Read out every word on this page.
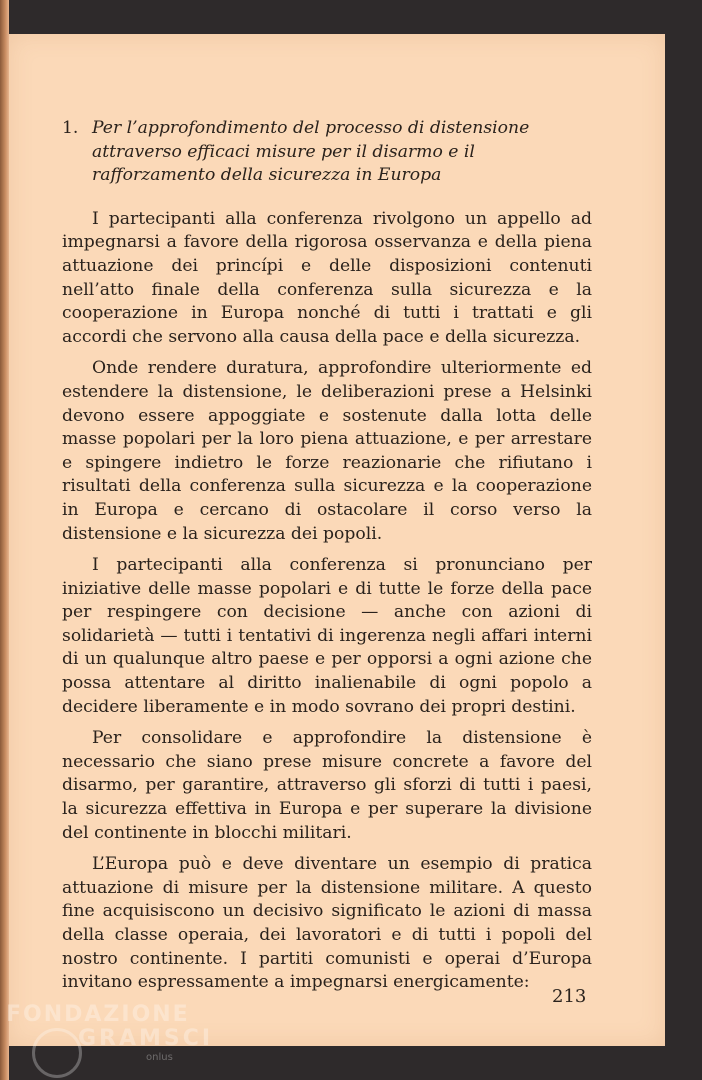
1. Per l’approfondimento del processo di distensione attraverso efficaci misure per il disarmo e il rafforzamento della sicurezza in Europa

I partecipanti alla conferenza rivolgono un appello ad impegnarsi a favore della rigorosa osservanza e della piena attuazione dei princípi e delle disposizioni contenuti nell’atto finale della conferenza sulla sicurezza e la cooperazione in Europa nonché di tutti i trattati e gli accordi che servono alla causa della pace e della sicurezza.

Onde rendere duratura, approfondire ulteriormente ed estendere la distensione, le deliberazioni prese a Helsinki devono essere appoggiate e sostenute dalla lotta delle masse popolari per la loro piena attuazione, e per arrestare e spingere indietro le forze reazionarie che rifiutano i risultati della conferenza sulla sicurezza e la cooperazione in Europa e cercano di ostacolare il corso verso la distensione e la sicurezza dei popoli.

I partecipanti alla conferenza si pronunciano per iniziative delle masse popolari e di tutte le forze della pace per respingere con decisione — anche con azioni di solidarietà — tutti i tentativi di ingerenza negli affari interni di un qualunque altro paese e per opporsi a ogni azione che possa attentare al diritto inalienabile di ogni popolo a decidere liberamente e in modo sovrano dei propri destini.

Per consolidare e approfondire la distensione è necessario che siano prese misure concrete a favore del disarmo, per garantire, attraverso gli sforzi di tutti i paesi, la sicurezza effettiva in Europa e per superare la divisione del continente in blocchi militari.

L’Europa può e deve diventare un esempio di pratica attuazione di misure per la distensione militare. A questo fine acquisiscono un decisivo significato le azioni di massa della classe operaia, dei lavoratori e di tutti i popoli del nostro continente. I partiti comunisti e operai d’Europa invitano espressamente a impegnarsi energicamente:

213
FONDAZIONE
GRAMSCI
onlus
